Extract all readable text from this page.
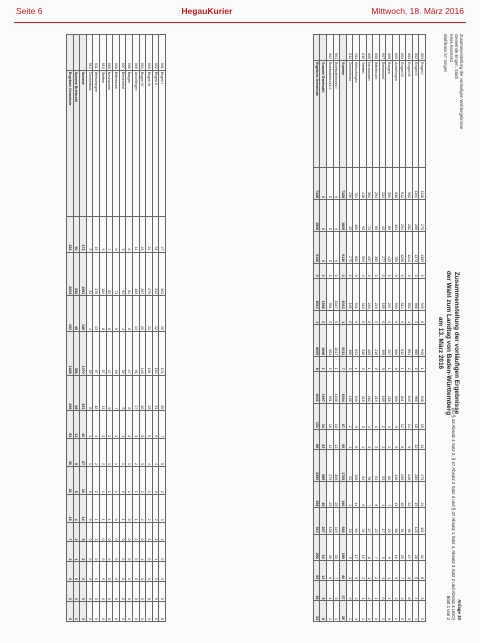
Seite 6	HegauKurier	Mittwoch, 18. März 2016
Zusammenstellung der vorläufigen Wahlergebnisse
Gemeinde Engen, Stadt
Kreis Konstanz
Wahlkreis 57 Singen
Zusammenstellung der vorläufigen Ergebnisse
der Wahl zum Landtag von Baden-Württemberg
am 13. März 2016
Anlage 10
(zu § 43 Absatz 4 Satz 2, § 47 Absatz 2 Satz 3 und § 47 Absatz 1 Satz 4, Absatz 3 Satz 2 und Absatz 4 LWO)
Blatt 1 von 2
001	Engen I	1116	273	1389	0	949	0	949	1	948	15	11	273	24	111	32	8	5	5
002	Engen II	1104	269	1373	0	966	0	966	0	966	18	12	280	19	123	28	6	4	4
003	Engen III	962	282	1244	0	852	1	851	2	849	14	9	248	22	96	27	5	6	3
004	Engen IV	912	294	1206	0	812	0	812	1	811	12	8	239	18	91	25	7	3	5
005	Anselfingen	638	151	789	0	500	0	500	0	500	9	5	146	13	58	16	3	2	2
006	Bargen	356	69	425	0	257	0	257	1	256	3	2	80	7	25	9	1	1	0
007	Biesendorf	234	43	277	0	169	0	169	0	169	2	2	53	4	17	5	1	0	1
008	Bittelbrunn	294	66	360	0	219	0	219	0	219	4	3	64	6	23	7	2	1	0
009	Neuhausen	364	73	437	0	263	0	263	1	262	4	3	78	7	27	8	1	2	1
010	Stetten	416	93	509	0	318	0	318	0	318	5	4	94	8	34	10	2	1	1
011	Welschingen	702	150	852	0	541	0	541	1	540	9	6	158	14	60	17	3	2	3
012	Zimmerholz	230	45	275	0	166	0	166	0	166	2	1	52	4	18	5	1	0	1
	Summe	7328	1808	9136	0	6012	1	6011	7	6004	97	66	1765	146	683	189	40	27	26
901	Briefwahlbezirk I	0	0	0	0	1047	0	1047	1	1046	18	12	306	25	119	33	7	5	4
902	Briefwahlbezirk II	0	0	0	0	951	0	951	0	951	16	11	279	23	108	30	6	4	4
	Summe Briefwahl	0	0	0	0	1998	0	1998	1	1997	34	23	585	48	227	63	13	9	8
	Ergebnis Gemeinde	7328	1808	9136	0	8010	1	8009	8	8001	131	89	2350	194	910	252	53	36	34
001	Engen I	27	302	26	171	35	7	5	2	3	1	0	0	0	0
002	Engen II	31	312	22	164	31	6	4	3	2	1	1	0	0	0
003	Engen III	24	279	21	151	28	5	4	2	2	1	0	0	0	0
004	Engen IV	23	267	20	146	26	5	3	2	2	0	1	0	0	0
005	Anselfingen	14	163	13	91	17	3	2	1	1	1	0	0	0	0
006	Bargen	6	84	6	47	8	2	1	1	0	0	0	0	0	0
007	Biesendorf	5	54	4	30	5	1	1	0	1	0	0	0	0	0
008	Bittelbrunn	6	71	5	39	7	2	1	1	0	0	0	0	0	0
009	Neuhausen	7	85	6	47	9	2	1	1	1	0	0	0	0	0
010	Stetten	9	104	8	57	11	2	2	1	1	0	0	0	0	0
011	Welschingen	15	176	13	97	18	4	2	2	1	1	0	0	0	0
012	Zimmerholz	5	54	4	30	6	1	1	0	0	0	0	0	0	0
	Summe	172	1951	148	1070	231	40	27	16	14	5	2	0	0	0
	Summe Briefwahl	50	652	45	358	68	13	9	5	4	2	1	0	0	0
	Ergebnis Gemeinde	222	2603	193	1428	299	53	36	21	18	7	3	0	0	0
